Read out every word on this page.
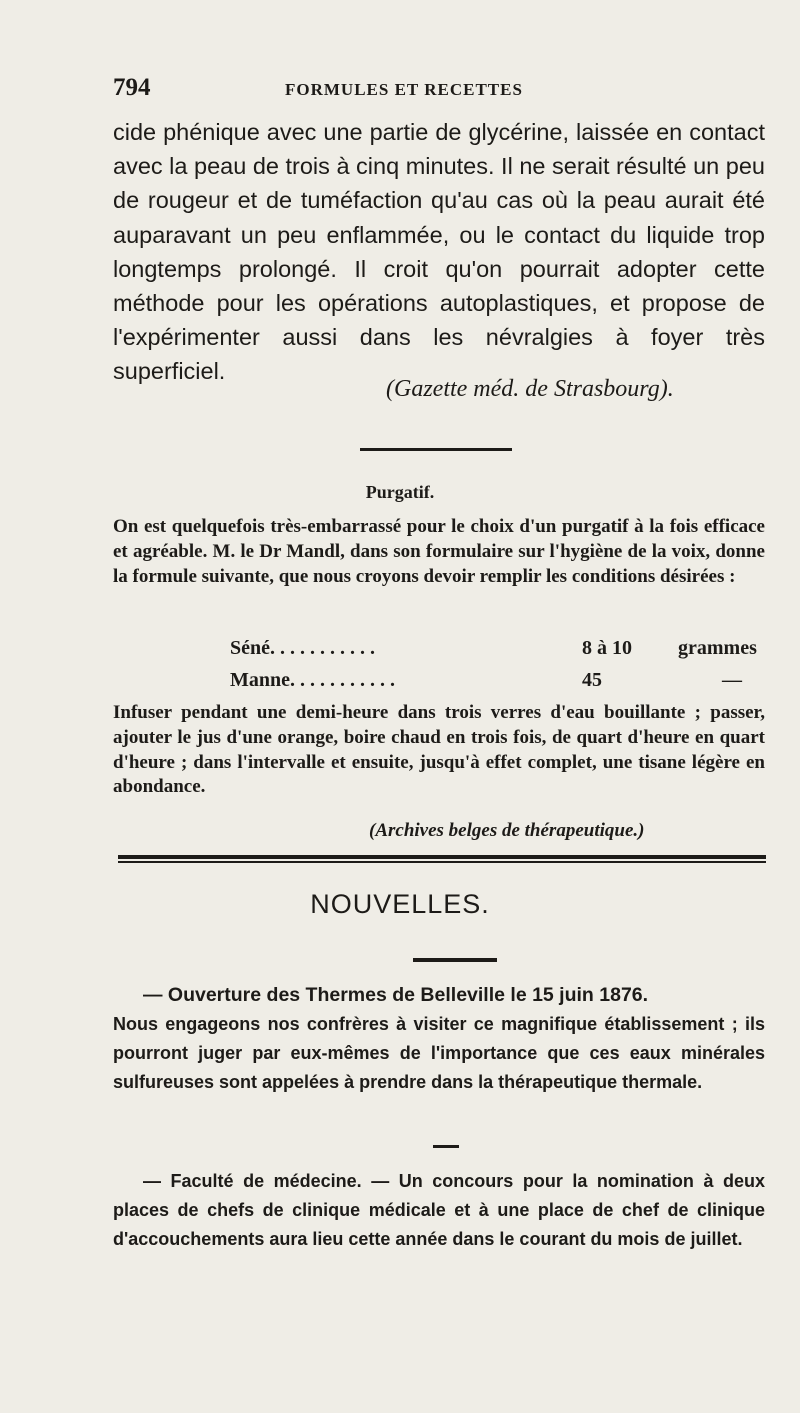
794	FORMULES ET RECETTES

cide phénique avec une partie de glycérine, laissée en contact avec la peau de trois à cinq minutes. Il ne serait résulté un peu de rougeur et de tuméfaction qu'au cas où la peau aurait été auparavant un peu enflammée, ou le contact du liquide trop longtemps prolongé. Il croit qu'on pourrait adopter cette méthode pour les opérations autoplastiques, et propose de l'expérimenter aussi dans les névralgies à foyer très superficiel.

(Gazette méd. de Strasbourg).
Purgatif.

On est quelquefois très-embarrassé pour le choix d'un purgatif à la fois efficace et agréable. M. le Dr Mandl, dans son formulaire sur l'hygiène de la voix, donne la formule suivante, que nous croyons devoir remplir les conditions désirées :

Séné. . . . . . . . . . .	8 à 10 grammes
Manne. . . . . . . . . . .	45	—

Infuser pendant une demi-heure dans trois verres d'eau bouillante ; passer, ajouter le jus d'une orange, boire chaud en trois fois, de quart d'heure en quart d'heure ; dans l'intervalle et ensuite, jusqu'à effet complet, une tisane légère en abondance.

(Archives belges de thérapeutique.)
NOUVELLES.

— Ouverture des Thermes de Belleville le 15 juin 1876.
Nous engageons nos confrères à visiter ce magnifique établissement ; ils pourront juger par eux-mêmes de l'importance que ces eaux minérales sulfureuses sont appelées à prendre dans la thérapeutique thermale.

— Faculté de médecine. — Un concours pour la nomination à deux places de chefs de clinique médicale et à une place de chef de clinique d'accouchements aura lieu cette année dans le courant du mois de juillet.
